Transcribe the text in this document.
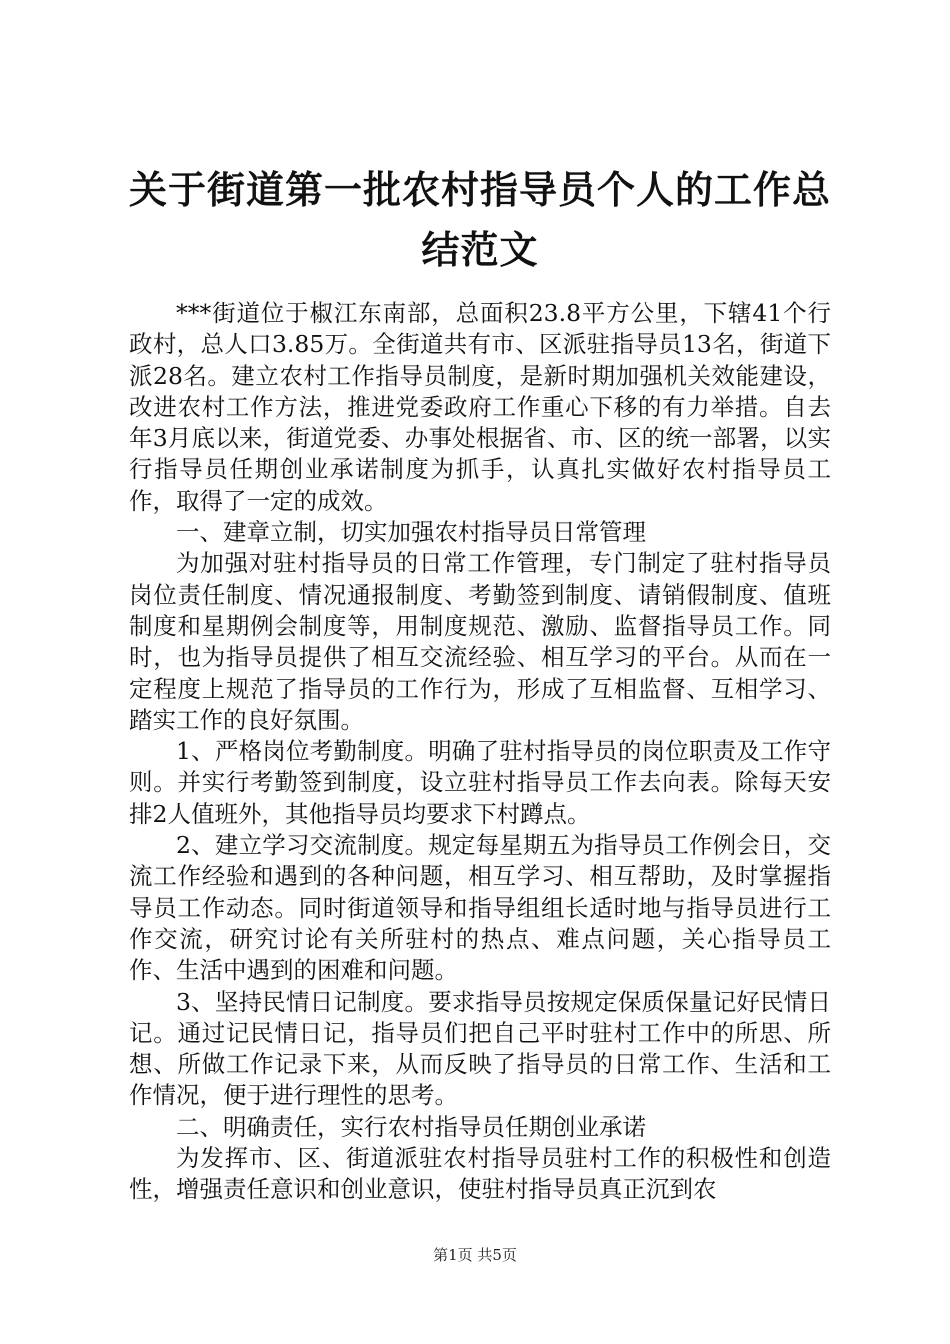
关于街道第一批农村指导员个人的工作总结范文

***街道位于椒江东南部，总面积23.8平方公里，下辖41个行政村，总人口3.85万。全街道共有市、区派驻指导员13名，街道下派28名。建立农村工作指导员制度，是新时期加强机关效能建设，改进农村工作方法，推进党委政府工作重心下移的有力举措。自去年3月底以来，街道党委、办事处根据省、市、区的统一部署，以实行指导员任期创业承诺制度为抓手，认真扎实做好农村指导员工作，取得了一定的成效。

一、建章立制，切实加强农村指导员日常管理

为加强对驻村指导员的日常工作管理，专门制定了驻村指导员岗位责任制度、情况通报制度、考勤签到制度、请销假制度、值班制度和星期例会制度等，用制度规范、激励、监督指导员工作。同时，也为指导员提供了相互交流经验、相互学习的平台。从而在一定程度上规范了指导员的工作行为，形成了互相监督、互相学习、踏实工作的良好氛围。

1、严格岗位考勤制度。明确了驻村指导员的岗位职责及工作守则。并实行考勤签到制度，设立驻村指导员工作去向表。除每天安排2人值班外，其他指导员均要求下村蹲点。

2、建立学习交流制度。规定每星期五为指导员工作例会日，交流工作经验和遇到的各种问题，相互学习、相互帮助，及时掌握指导员工作动态。同时街道领导和指导组组长适时地与指导员进行工作交流，研究讨论有关所驻村的热点、难点问题，关心指导员工作、生活中遇到的困难和问题。

3、坚持民情日记制度。要求指导员按规定保质保量记好民情日记。通过记民情日记，指导员们把自己平时驻村工作中的所思、所想、所做工作记录下来，从而反映了指导员的日常工作、生活和工作情况，便于进行理性的思考。

二、明确责任，实行农村指导员任期创业承诺

为发挥市、区、街道派驻农村指导员驻村工作的积极性和创造性，增强责任意识和创业意识，使驻村指导员真正沉到农

第1页 共5页
